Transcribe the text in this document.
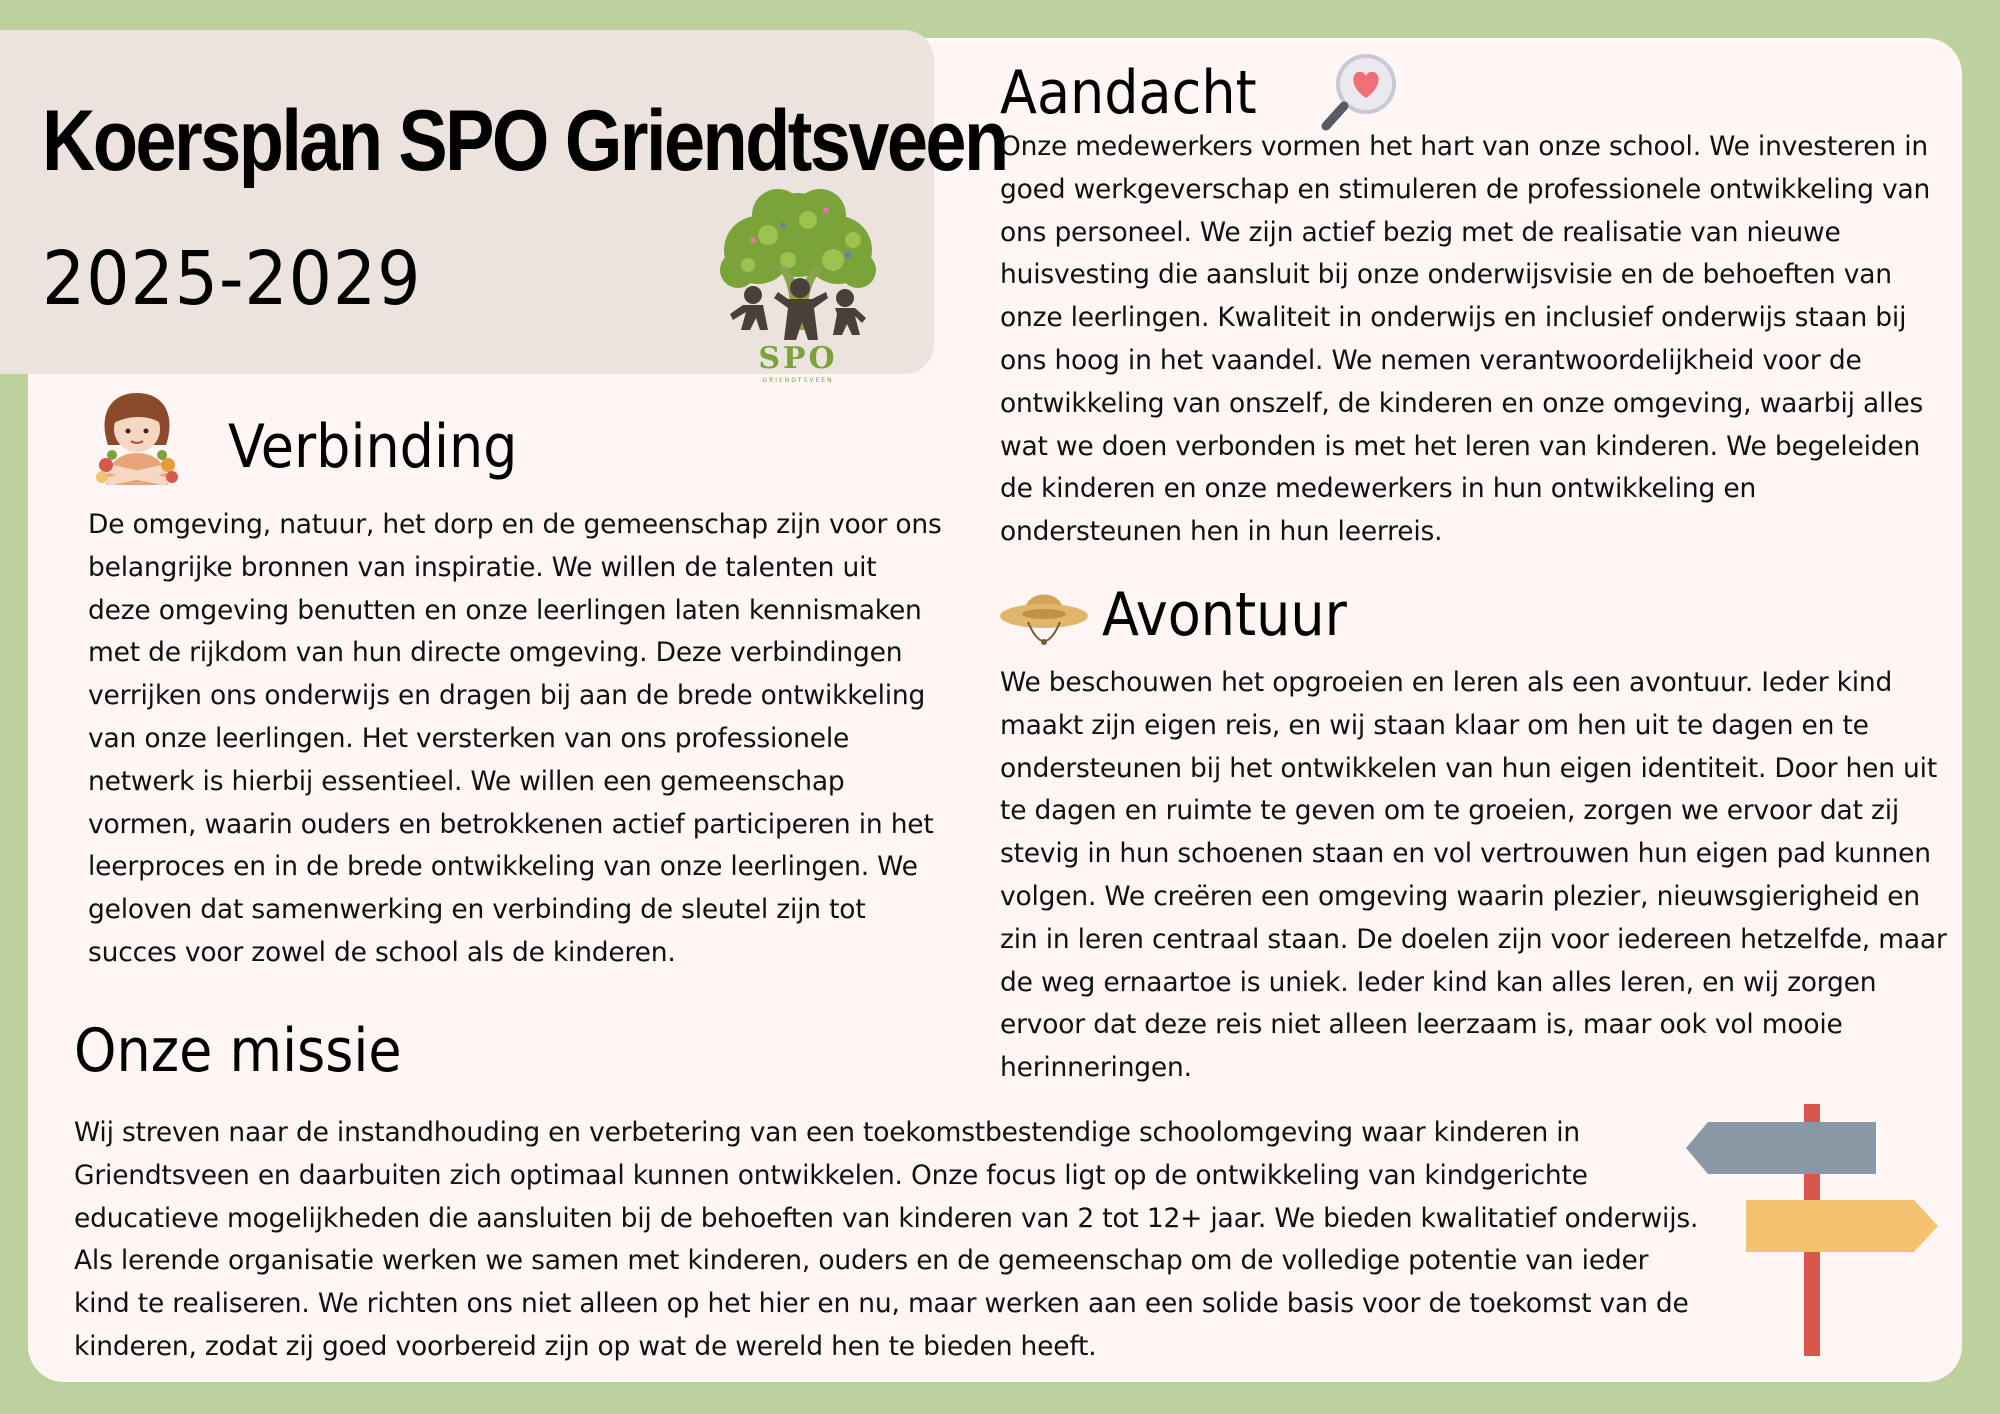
Koersplan SPO Griendtsveen
2025-2029
SPO
GRIENDTSVEEN
Verbinding

De omgeving, natuur, het dorp en de gemeenschap zijn voor ons belangrijke bronnen van inspiratie. We willen de talenten uit deze omgeving benutten en onze leerlingen laten kennismaken met de rijkdom van hun directe omgeving. Deze verbindingen verrijken ons onderwijs en dragen bij aan de brede ontwikkeling van onze leerlingen. Het versterken van ons professionele netwerk is hierbij essentieel. We willen een gemeenschap vormen, waarin ouders en betrokkenen actief participeren in het leerproces en in de brede ontwikkeling van onze leerlingen. We geloven dat samenwerking en verbinding de sleutel zijn tot succes voor zowel de school als de kinderen.

Aandacht

Onze medewerkers vormen het hart van onze school. We investeren in goed werkgeverschap en stimuleren de professionele ontwikkeling van ons personeel. We zijn actief bezig met de realisatie van nieuwe huisvesting die aansluit bij onze onderwijsvisie en de behoeften van onze leerlingen. Kwaliteit in onderwijs en inclusief onderwijs staan bij ons hoog in het vaandel. We nemen verantwoordelijkheid voor de ontwikkeling van onszelf, de kinderen en onze omgeving, waarbij alles wat we doen verbonden is met het leren van kinderen. We begeleiden de kinderen en onze medewerkers in hun ontwikkeling en ondersteunen hen in hun leerreis.

Avontuur

We beschouwen het opgroeien en leren als een avontuur. Ieder kind maakt zijn eigen reis, en wij staan klaar om hen uit te dagen en te ondersteunen bij het ontwikkelen van hun eigen identiteit. Door hen uit te dagen en ruimte te geven om te groeien, zorgen we ervoor dat zij stevig in hun schoenen staan en vol vertrouwen hun eigen pad kunnen volgen. We creëren een omgeving waarin plezier, nieuwsgierigheid en zin in leren centraal staan. De doelen zijn voor iedereen hetzelfde, maar de weg ernaartoe is uniek. Ieder kind kan alles leren, en wij zorgen ervoor dat deze reis niet alleen leerzaam is, maar ook vol mooie herinneringen.

Onze missie

Wij streven naar de instandhouding en verbetering van een toekomstbestendige schoolomgeving waar kinderen in Griendtsveen en daarbuiten zich optimaal kunnen ontwikkelen. Onze focus ligt op de ontwikkeling van kindgerichte educatieve mogelijkheden die aansluiten bij de behoeften van kinderen van 2 tot 12+ jaar. We bieden kwalitatief onderwijs. Als lerende organisatie werken we samen met kinderen, ouders en de gemeenschap om de volledige potentie van ieder kind te realiseren. We richten ons niet alleen op het hier en nu, maar werken aan een solide basis voor de toekomst van de kinderen, zodat zij goed voorbereid zijn op wat de wereld hen te bieden heeft.
